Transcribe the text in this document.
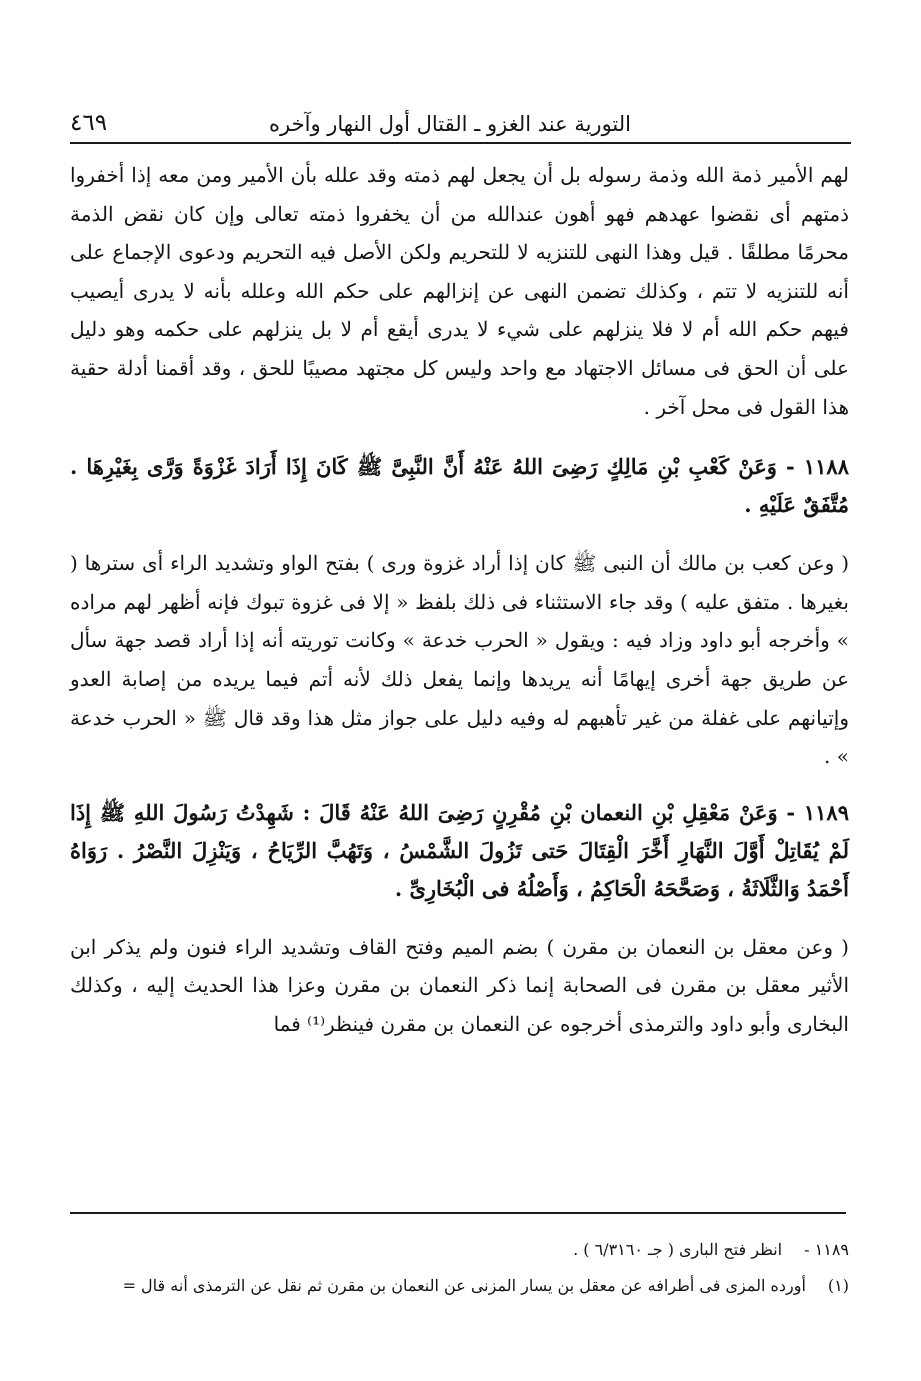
التورية عند الغزو ـ القتال أول النهار وآخره
٤٦٩

لهم الأمير ذمة الله وذمة رسوله بل أن يجعل لهم ذمته وقد علله بأن الأمير ومن معه إذا أخفروا ذمتهم أى نقضوا عهدهم فهو أهون عندالله من أن يخفروا ذمته تعالى وإن كان نقض الذمة محرمًا مطلقًا . قيل وهذا النهى للتنزيه لا للتحريم ولكن الأصل فيه التحريم ودعوى الإجماع على أنه للتنزيه لا تتم ، وكذلك تضمن النهى عن إنزالهم على حكم الله وعلله بأنه لا يدرى أيصيب فيهم حكم الله أم لا فلا ينزلهم على شيء لا يدرى أيقع أم لا بل ينزلهم على حكمه وهو دليل على أن الحق فى مسائل الاجتهاد مع واحد وليس كل مجتهد مصيبًا للحق ، وقد أقمنا أدلة حقية هذا القول فى محل آخر .

١١٨٨ - وَعَنْ كَعْبِ بْنِ مَالِكٍ رَضِىَ اللهُ عَنْهُ أَنَّ النَّبِىَّ ﷺ كَانَ إِذَا أَرَادَ غَزْوَةً وَرَّى بِغَيْرِهَا . مُتَّفَقٌ عَلَيْهِ .

( وعن كعب بن مالك أن النبى ﷺ كان إذا أراد غزوة ورى ) بفتح الواو وتشديد الراء أى سترها ( بغيرها . متفق عليه ) وقد جاء الاستثناء فى ذلك بلفظ « إلا فى غزوة تبوك فإنه أظهر لهم مراده » وأخرجه أبو داود وزاد فيه : ويقول « الحرب خدعة » وكانت توريته أنه إذا أراد قصد جهة سأل عن طريق جهة أخرى إيهامًا أنه يريدها وإنما يفعل ذلك لأنه أتم فيما يريده من إصابة العدو وإتيانهم على غفلة من غير تأهبهم له وفيه دليل على جواز مثل هذا وقد قال ﷺ « الحرب خدعة » .

١١٨٩ - وَعَنْ مَعْقِلِ بْنِ النعمان بْنِ مُقْرِنٍ رَضِىَ اللهُ عَنْهُ قَالَ : شَهِدْتُ رَسُولَ اللهِ ﷺ إِذَا لَمْ يُقَاتِلْ أَوَّلَ النَّهَارِ أَخَّرَ الْقِتَالَ حَتى تَزُولَ الشَّمْسُ ، وَتَهُبَّ الرِّيَاحُ ، وَيَنْزِلَ النَّصْرُ . رَوَاهُ أَحْمَدُ وَالثَّلَاثَةُ ، وَصَحَّحَهُ الْحَاكِمُ ، وَأَصْلُهُ فى الْبُخَارِىِّ .

( وعن معقل بن النعمان بن مقرن ) بضم الميم وفتح القاف وتشديد الراء فنون ولم يذكر ابن الأثير معقل بن مقرن فى الصحابة إنما ذكر النعمان بن مقرن وعزا هذا الحديث إليه ، وكذلك البخارى وأبو داود والترمذى أخرجوه عن النعمان بن مقرن فينظر⁽¹⁾ فما

١١٨٩ -انظر فتح البارى ( جـ ٦/٣١٦٠ ) .

(١)أورده المزى فى أطرافه عن معقل بن يسار المزنى عن النعمان بن مقرن ثم نقل عن الترمذى أنه قال =
